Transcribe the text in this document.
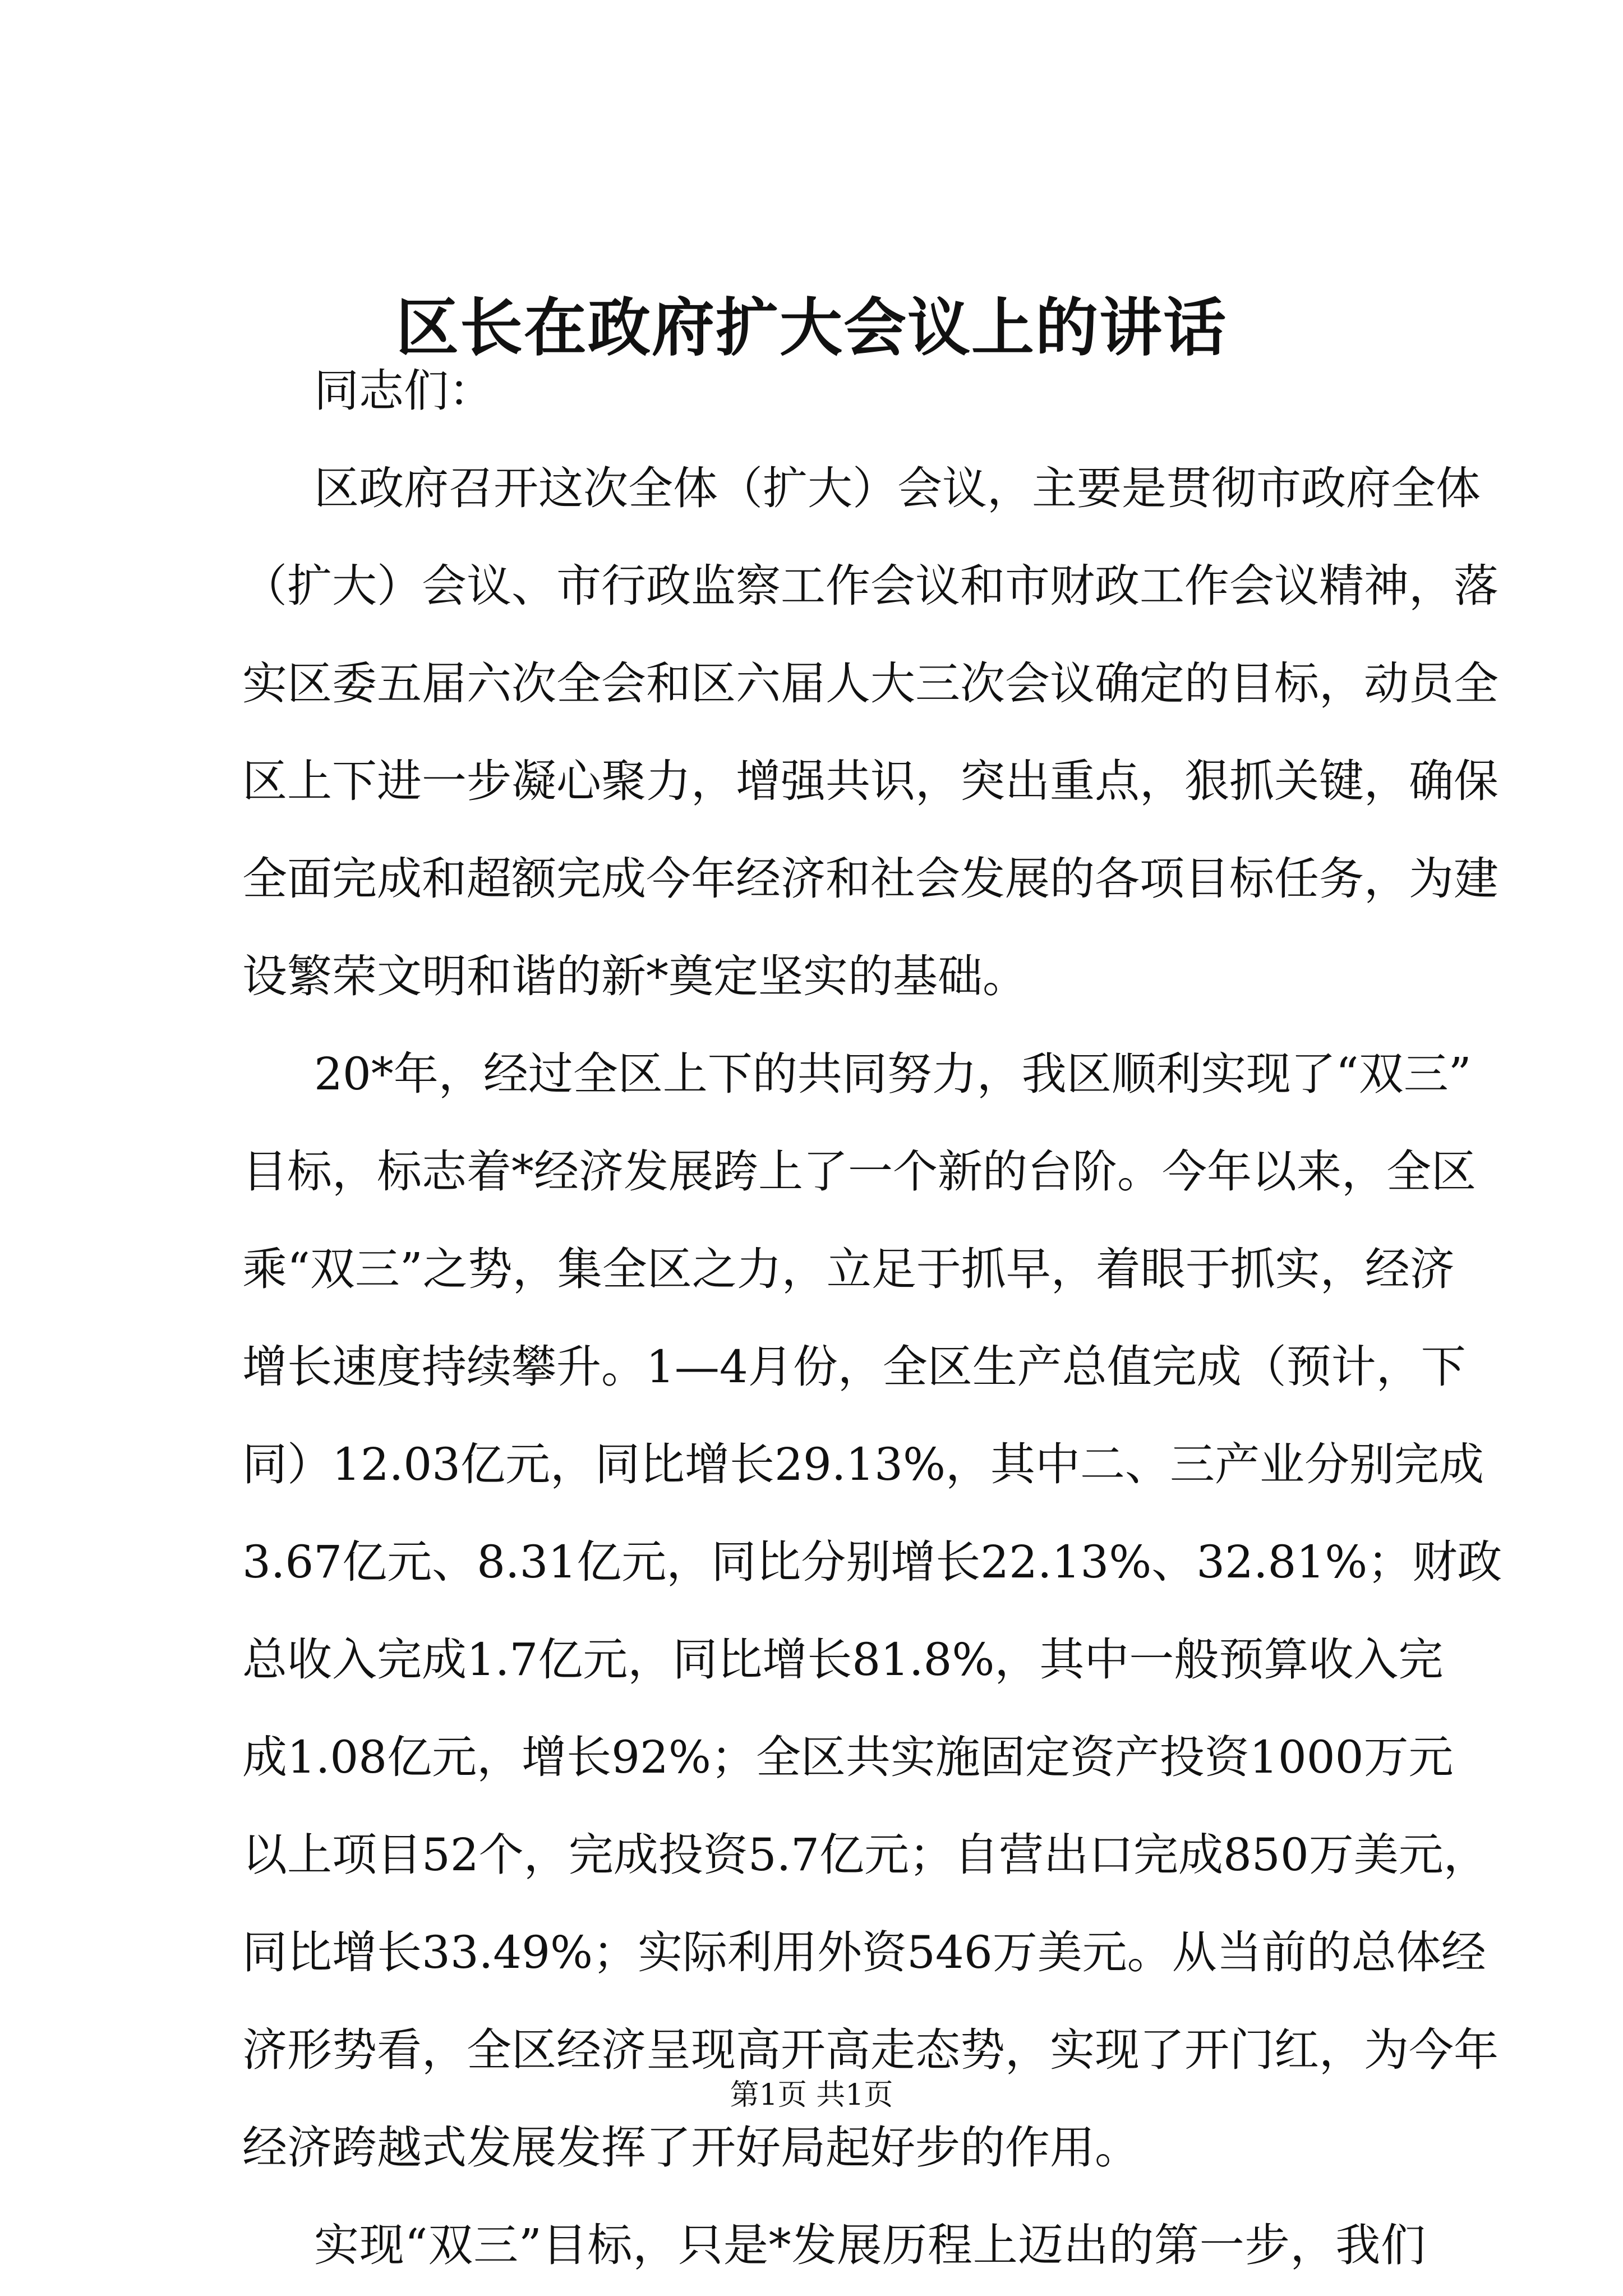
区长在政府扩大会议上的讲话
同志们：
区政府召开这次全体（扩大）会议，主要是贯彻市政府全体
（扩大）会议、市行政监察工作会议和市财政工作会议精神，落
实区委五届六次全会和区六届人大三次会议确定的目标，动员全
区上下进一步凝心聚力，增强共识，突出重点，狠抓关键，确保
全面完成和超额完成今年经济和社会发展的各项目标任务，为建
设繁荣文明和谐的新*奠定坚实的基础。
20*年，经过全区上下的共同努力，我区顺利实现了“双三”
目标，标志着*经济发展跨上了一个新的台阶。今年以来，全区
乘“双三”之势，集全区之力，立足于抓早，着眼于抓实，经济
增长速度持续攀升。1—4月份，全区生产总值完成（预计，下
同）12.03亿元，同比增长29.13%，其中二、三产业分别完成
3.67亿元、8.31亿元，同比分别增长22.13%、32.81%；财政
总收入完成1.7亿元，同比增长81.8%，其中一般预算收入完
成1.08亿元，增长92%；全区共实施固定资产投资1000万元
以上项目52个，完成投资5.7亿元；自营出口完成850万美元，
同比增长33.49%；实际利用外资546万美元。从当前的总体经
济形势看，全区经济呈现高开高走态势，实现了开门红，为今年
经济跨越式发展发挥了开好局起好步的作用。
实现“双三”目标，只是*发展历程上迈出的第一步，我们
第1页 共1页
